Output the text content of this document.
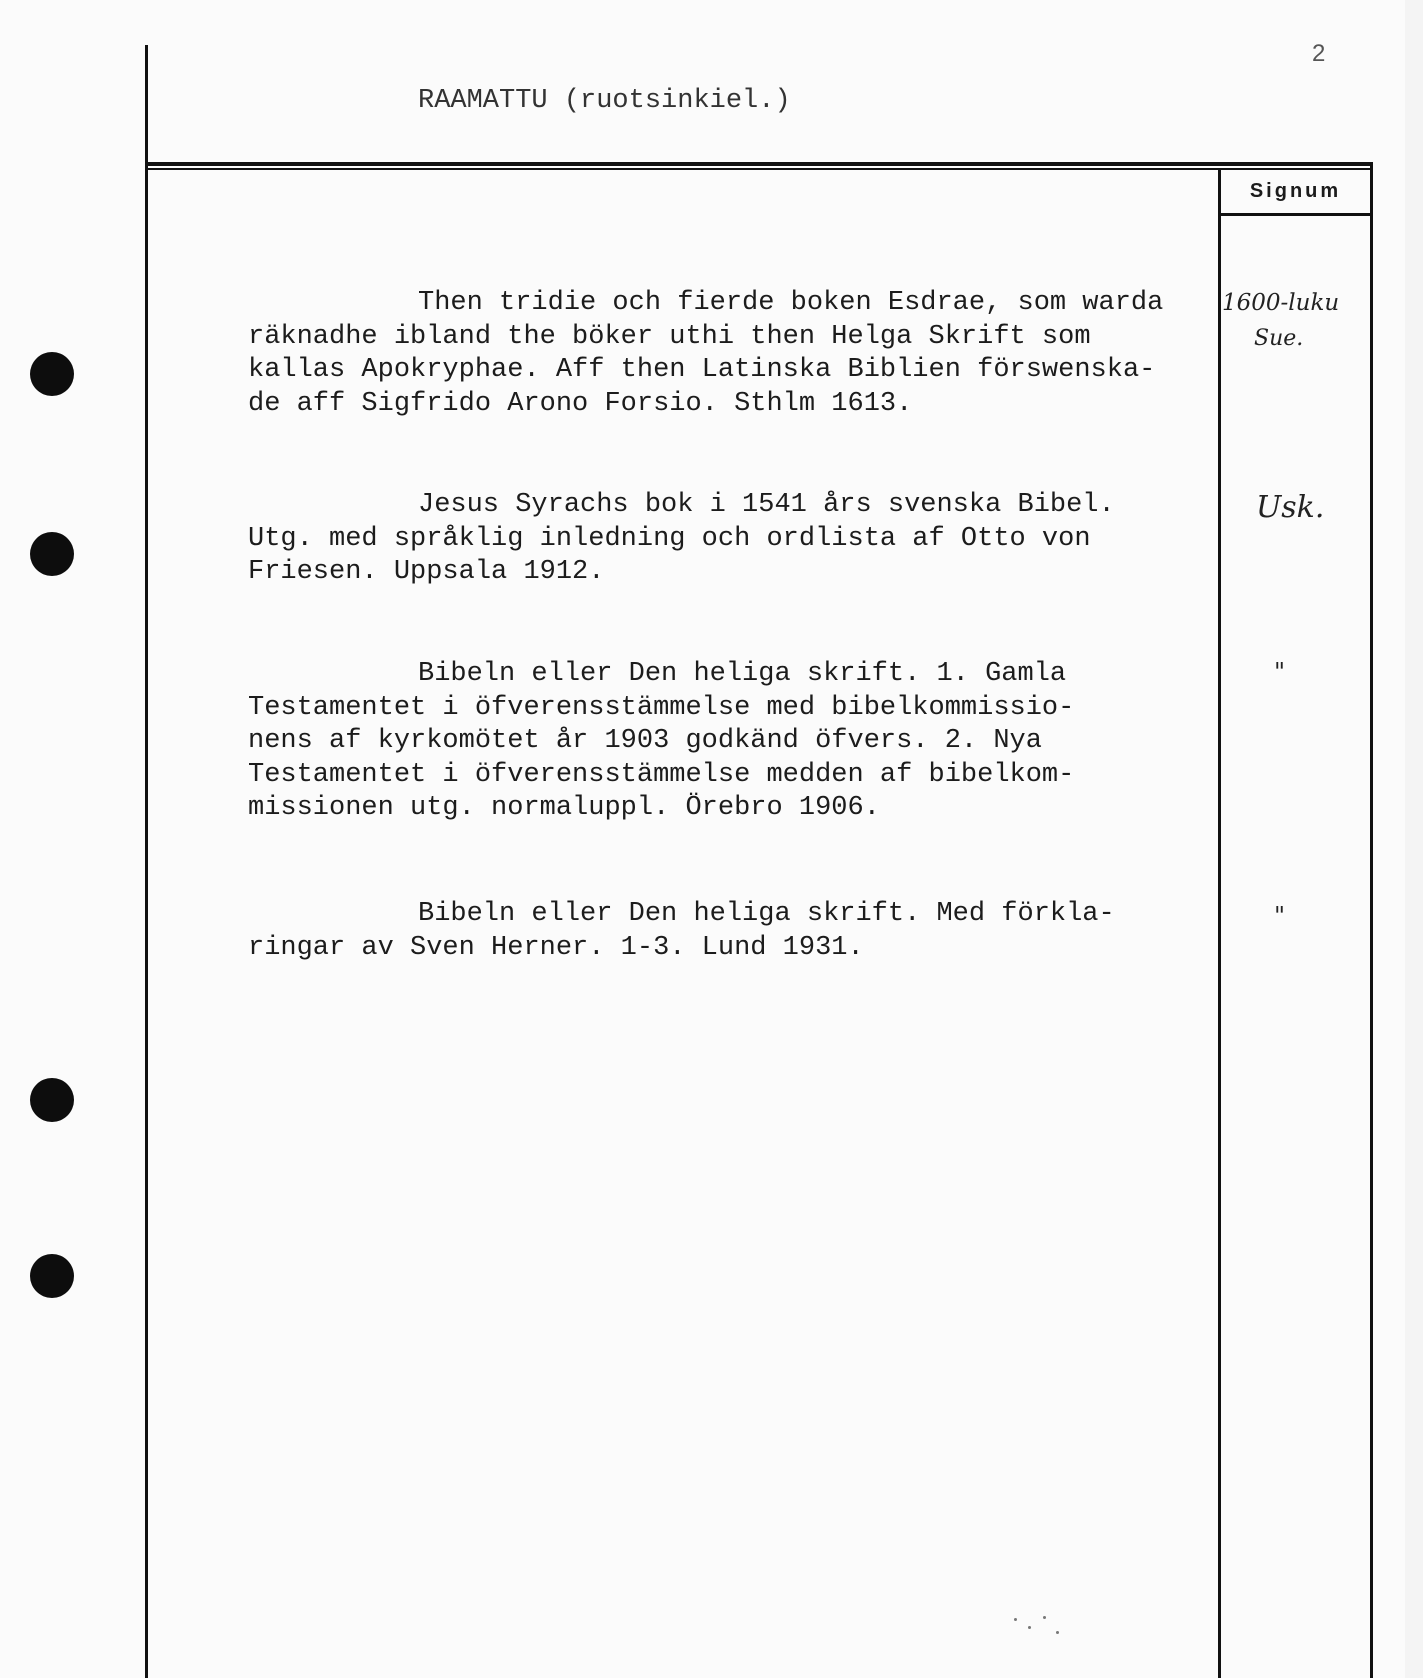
2
RAAMATTU (ruotsinkiel.)
Signum
Then tridie och fierde boken Esdrae, som warda
räknadhe ibland the böker uthi then Helga Skrift som
kallas Apokryphae. Aff then Latinska Biblien förswenska-
de aff Sigfrido Arono Forsio. Sthlm 1613.
1600-luku
Sue.
Jesus Syrachs bok i 1541 års svenska Bibel.
Utg. med språklig inledning och ordlista af Otto von
Friesen. Uppsala 1912.
Usk.
Bibeln eller Den heliga skrift. 1. Gamla
Testamentet i öfverensstämmelse med bibelkommissio-
nens af kyrkomötet år 1903 godkänd öfvers. 2. Nya
Testamentet i öfverensstämmelse medden af bibelkom-
missionen utg. normaluppl. Örebro 1906.
"
Bibeln eller Den heliga skrift. Med förkla-
ringar av Sven Herner. 1-3. Lund 1931.
"
